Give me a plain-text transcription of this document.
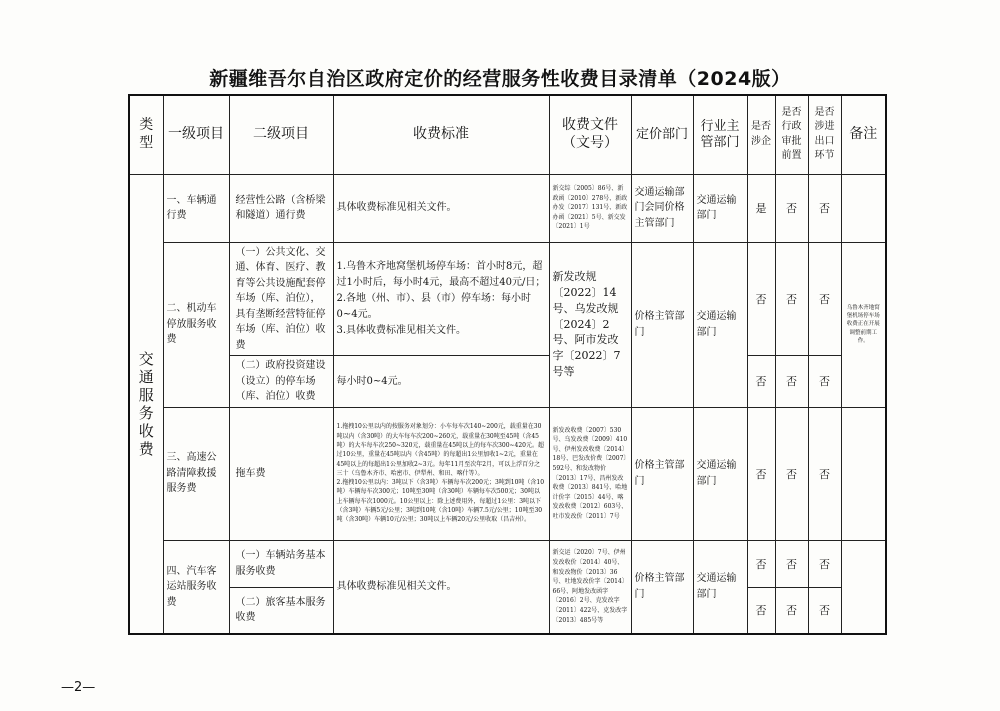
新疆维吾尔自治区政府定价的经营服务性收费目录清单（2024版）
类型	一级项目	二级项目	收费标准	收费文件（文号）	定价部门	行业主管部门	是否涉企	是否行政审批前置	是否涉进出口环节	备注
交通服务收费	一、车辆通行费	经营性公路（含桥梁和隧道）通行费	具体收费标准见相关文件。	新交综〔2005〕86号、新政函〔2010〕278号、新政办发〔2017〕131号、新政办函〔2021〕5号、新交发〔2021〕1号	交通运输部门会同价格主管部门	交通运输部门	是	否	否	
	二、机动车停放服务收费	（一）公共文化、交通、体育、医疗、教育等公共设施配套停车场（库、泊位），具有垄断经营特征停车场（库、泊位）收费	1.乌鲁木齐地窝堡机场停车场：首小时8元，超过1小时后，每小时4元，最高不超过40元/日；
2.各地（州、市）、县（市）停车场：每小时0~4元。
3.具体收费标准见相关文件。	新发改规〔2022〕14号、乌发改规〔2024〕2号、阿市发改字〔2022〕7号等	价格主管部门	交通运输部门	否	否	否	乌鲁木齐地窝堡机场停车场收费正在开展调整前期工作。
		（二）政府投资建设（设立）的停车场（库、泊位）收费	每小时0~4元。				否	否	否	
	三、高速公路清障救援服务费	拖车费	1.拖拽10公里以内的按服务对象划分：小车每车次140~200元，载重量在30吨以内（含30吨）的大车每车次200~260元，载重量在30吨至45吨（含45吨）的大车每车次250~320元，载重量在45吨以上的每车次300~420元。超过10公里，重量在45吨以内（含45吨）的每超出1公里加收1~2元，重量在45吨以上的每超出1公里加收2~3元。每年11月至次年2月，可以上浮百分之三十（乌鲁木齐市、哈密市、伊犁州、和田、喀什等）。
2.拖拽10公里以内：3吨以下（含3吨）车辆每车次200元；3吨到10吨（含10吨）车辆每车次300元；10吨至30吨（含30吨）车辆每车次500元；30吨以上车辆每车次1000元。10公里以上：除上述费用外，每超过1公里：3吨以下（含3吨）车辆5元/公里；3吨到10吨（含10吨）车辆7.5元/公里；10吨至30吨（含30吨）车辆10元/公里；30吨以上车辆20元/公里收取（昌吉州）。	新发改收费〔2007〕530号、乌发改费〔2009〕410号、伊州发改收费〔2014〕18号、巴发改价费〔2007〕592号、和发改物价〔2013〕17号、昌州发改收费〔2013〕841号、哈地计价字〔2015〕44号、喀发改收费〔2012〕603号、吐市发改价〔2011〕7号	价格主管部门	交通运输部门	否	否	否	
	四、汽车客运站服务收费	（一）车辆站务基本服务收费	具体收费标准见相关文件。	新交运〔2020〕7号、伊州发改收价〔2014〕40号、和发改物价〔2013〕36号、吐地发改价字〔2014〕66号、阿地发改函字〔2016〕2号、克发改字〔2011〕422号、克发改字〔2013〕485号等	价格主管部门	交通运输部门	否	否	否	
		（二）旅客基本服务收费					否	否	否	
—2—
